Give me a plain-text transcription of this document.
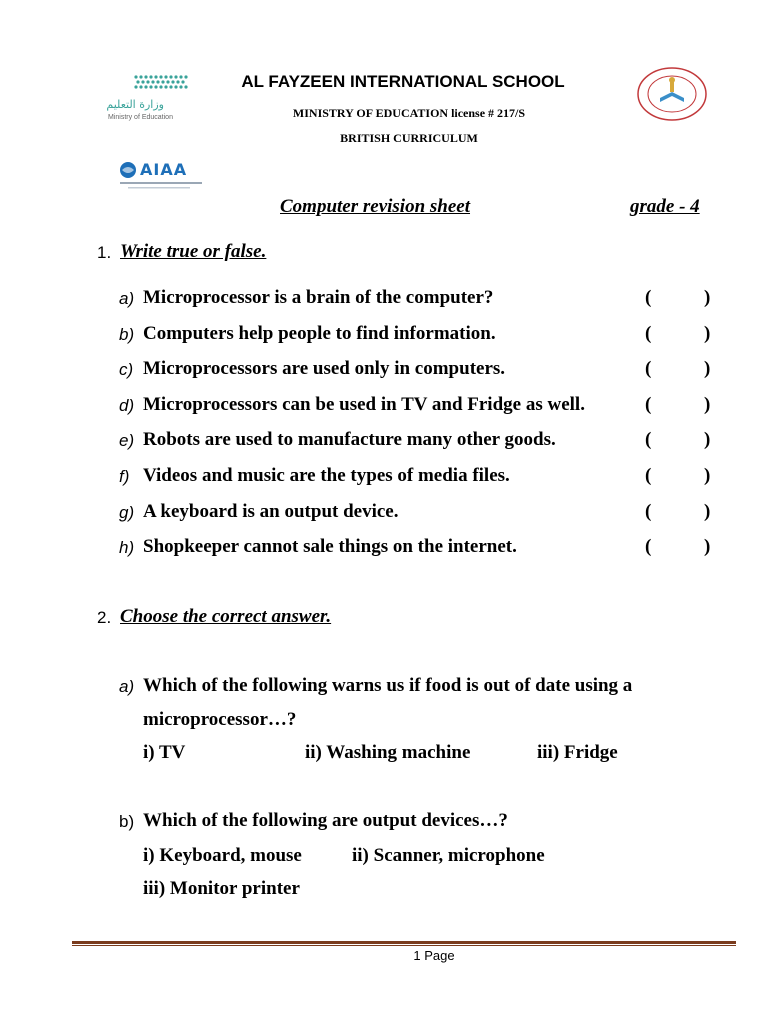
وزارة التعليم
Ministry of Education
AL FAYZEEN INTERNATIONAL SCHOOL
MINISTRY OF EDUCATION license # 217/S
BRITISH CURRICULUM
AIAA
Computer revision sheet	grade - 4
1. Write true or false.
a) Microprocessor is a brain of the computer?	(	)
b) Computers help people to find information.	(	)
c) Microprocessors are used only in computers.	(	)
d) Microprocessors can be used in TV and Fridge as well.	(	)
e) Robots are used to manufacture many other goods.	(	)
f) Videos and music are the types of media files.	(	)
g) A keyboard is an output device.	(	)
h) Shopkeeper cannot sale things on the internet.	(	)
2. Choose the correct answer.
a) Which of the following warns us if food is out of date using a
microprocessor…?
i) TV	ii) Washing machine	iii) Fridge
b) Which of the following are output devices…?
i) Keyboard, mouse	ii) Scanner, microphone
iii) Monitor printer
1 Page
